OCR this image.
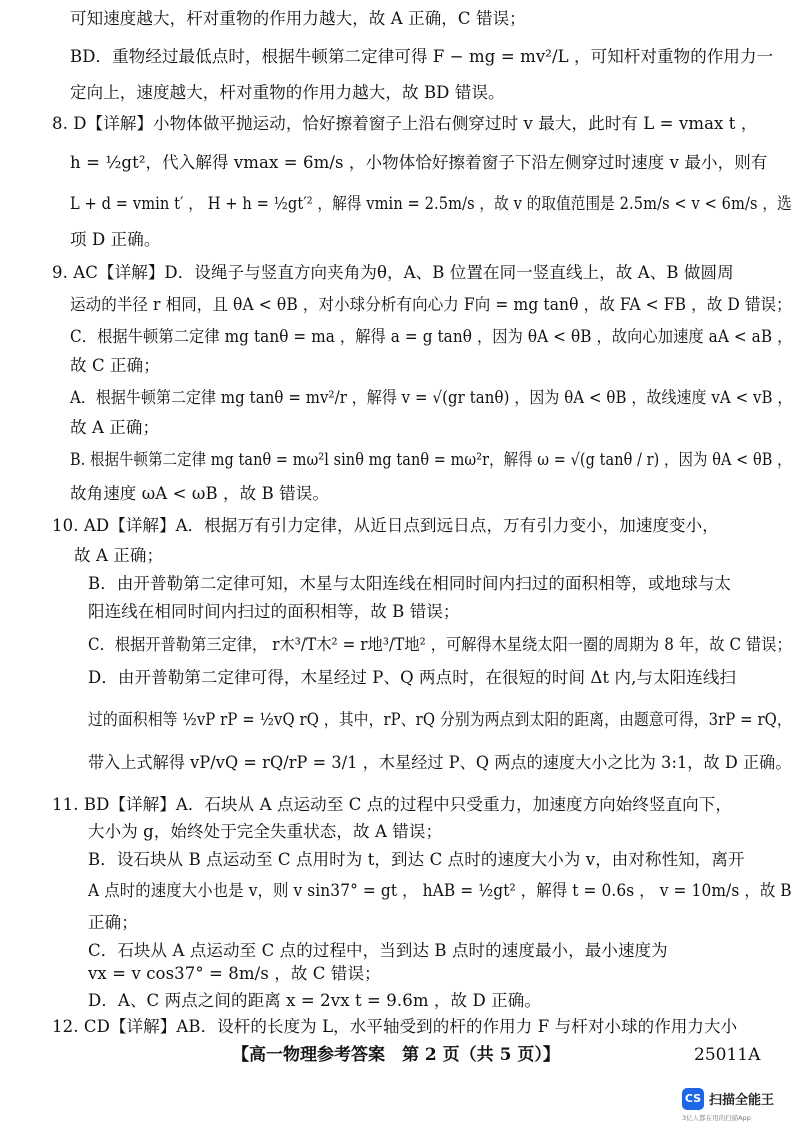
可知速度越大，杆对重物的作用力越大，故 A 正确，C 错误；
BD．重物经过最低点时，根据牛顿第二定律可得 F − mg = mv²/L ，可知杆对重物的作用力一
定向上，速度越大，杆对重物的作用力越大，故 BD 错误。
8. D【详解】小物体做平抛运动，恰好擦着窗子上沿右侧穿过时 v 最大，此时有 L = vmax t ，
h = ½gt²，代入解得 vmax = 6m/s ，小物体恰好擦着窗子下沿左侧穿过时速度 v 最小，则有
L + d = vmin t′ ， H + h = ½gt′² ，解得 vmin = 2.5m/s ，故 v 的取值范围是 2.5m/s < v < 6m/s ，选
项 D 正确。
9. AC【详解】D．设绳子与竖直方向夹角为θ，A、B 位置在同一竖直线上，故 A、B 做圆周
运动的半径 r 相同，且 θA < θB ，对小球分析有向心力 F向 = mg tanθ ，故 FA < FB ，故 D 错误；
C．根据牛顿第二定律 mg tanθ = ma ，解得 a = g tanθ ，因为 θA < θB ，故向心加速度 aA < aB ，
故 C 正确；
A．根据牛顿第二定律 mg tanθ = mv²/r ，解得 v = √(gr tanθ) ，因为 θA < θB ，故线速度 vA < vB ，
故 A 正确；
B. 根据牛顿第二定律 mg tanθ = mω²l sinθ mg tanθ = mω²r，解得 ω = √(g tanθ / r) ，因为 θA < θB ，
故角速度 ωA < ωB ，故 B 错误。
10. AD【详解】A．根据万有引力定律，从近日点到远日点，万有引力变小，加速度变小，
故 A 正确；
B．由开普勒第二定律可知，木星与太阳连线在相同时间内扫过的面积相等，或地球与太
阳连线在相同时间内扫过的面积相等，故 B 错误；
C．根据开普勒第三定律， r木³/T木² = r地³/T地² ，可解得木星绕太阳一圈的周期为 8 年，故 C 错误；
D．由开普勒第二定律可得，木星经过 P、Q 两点时，在很短的时间 Δt 内,与太阳连线扫
过的面积相等 ½vP rP = ½vQ rQ ，其中，rP、rQ 分别为两点到太阳的距离，由题意可得，3rP = rQ，
带入上式解得 vP/vQ = rQ/rP = 3/1 ，木星经过 P、Q 两点的速度大小之比为 3:1，故 D 正确。
11. BD【详解】A．石块从 A 点运动至 C 点的过程中只受重力，加速度方向始终竖直向下，
大小为 g，始终处于完全失重状态，故 A 错误；
B．设石块从 B 点运动至 C 点用时为 t，到达 C 点时的速度大小为 v，由对称性知，离开
A 点时的速度大小也是 v，则 v sin37° = gt ， hAB = ½gt² ，解得 t = 0.6s ， v = 10m/s ，故 B
正确；
C．石块从 A 点运动至 C 点的过程中，当到达 B 点时的速度最小，最小速度为
vx = v cos37° = 8m/s ，故 C 错误；
D．A、C 两点之间的距离 x = 2vx t = 9.6m ，故 D 正确。
12. CD【详解】AB．设杆的长度为 L，水平轴受到的杆的作用力 F 与杆对小球的作用力大小
【高一物理参考答案　第 2 页（共 5 页）】	25011A
CS 扫描全能王
3亿人都在用的扫描App
